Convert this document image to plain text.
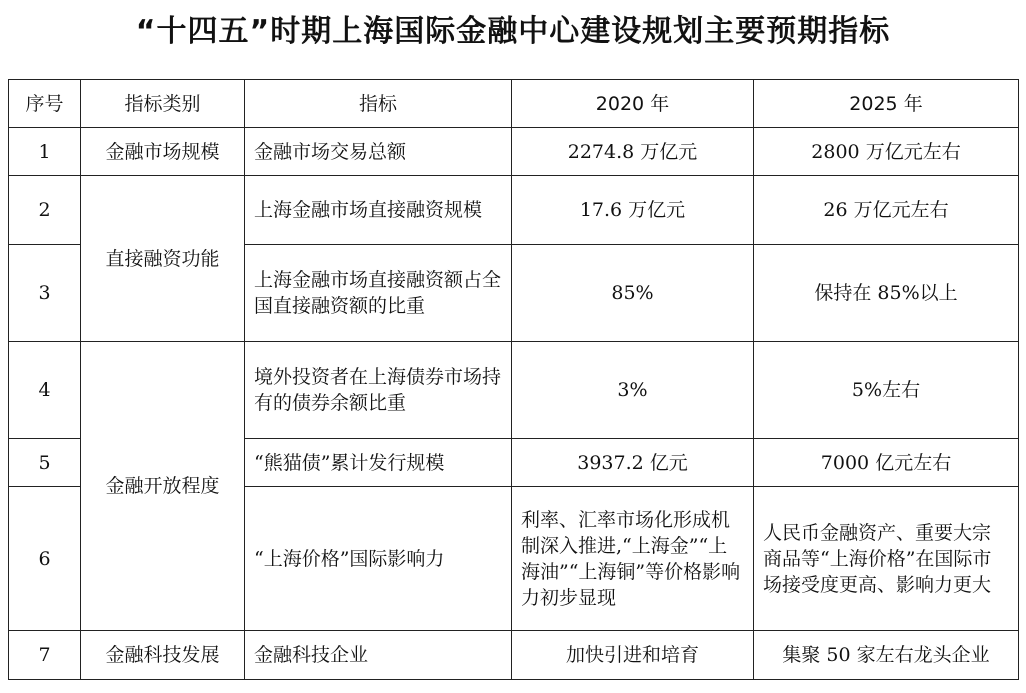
“十四五”时期上海国际金融中心建设规划主要预期指标
序号	指标类别	指标	2020 年	2025 年
1	金融市场规模	金融市场交易总额	2274.8 万亿元	2800 万亿元左右
2	直接融资功能	上海金融市场直接融资规模	17.6 万亿元	26 万亿元左右
3		上海金融市场直接融资额占全国直接融资额的比重	85%	保持在 85%以上
4	金融开放程度	境外投资者在上海债券市场持有的债券余额比重	3%	5%左右
5		“熊猫债”累计发行规模	3937.2 亿元	7000 亿元左右
6		“上海价格”国际影响力	利率、汇率市场化形成机制深入推进,“上海金”“上海油”“上海铜”等价格影响力初步显现	人民币金融资产、重要大宗商品等“上海价格”在国际市场接受度更高、影响力更大
7	金融科技发展	金融科技企业	加快引进和培育	集聚 50 家左右龙头企业
